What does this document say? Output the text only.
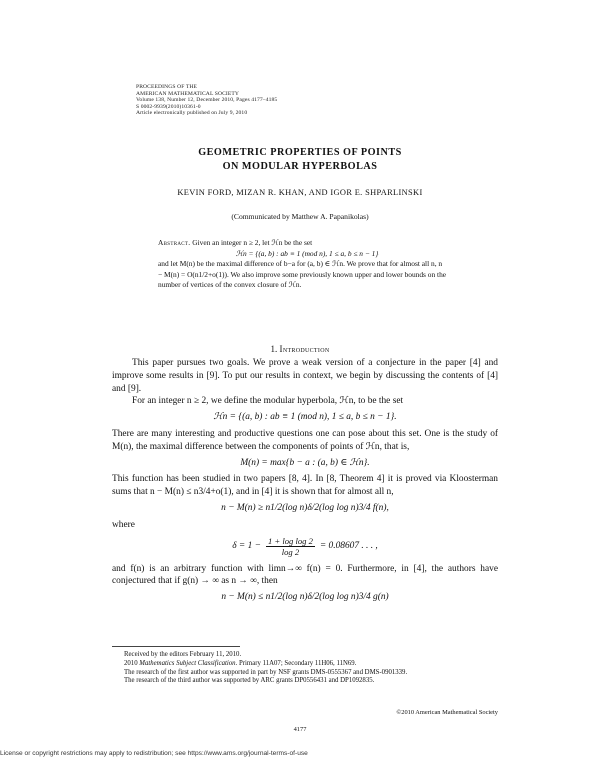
PROCEEDINGS OF THE
AMERICAN MATHEMATICAL SOCIETY
Volume 138, Number 12, December 2010, Pages 4177–4185
S 0002-9939(2010)10361-0
Article electronically published on July 9, 2010
GEOMETRIC PROPERTIES OF POINTS
ON MODULAR HYPERBOLAS
KEVIN FORD, MIZAN R. KHAN, AND IGOR E. SHPARLINSKI
(Communicated by Matthew A. Papanikolas)
Abstract. Given an integer n ≥ 2, let ℋn be the set
ℋn = {(a, b) : ab ≡ 1 (mod n), 1 ≤ a, b ≤ n − 1}
and let M(n) be the maximal difference of b−a for (a, b) ∈ ℋn. We prove that for almost all n, n − M(n) = O(n1/2+o(1)). We also improve some previously known upper and lower bounds on the number of vertices of the convex closure of ℋn.
1. Introduction

This paper pursues two goals. We prove a weak version of a conjecture in the paper [4] and improve some results in [9]. To put our results in context, we begin by discussing the contents of [4] and [9].

For an integer n ≥ 2, we define the modular hyperbola, ℋn, to be the set

ℋn = {(a, b) : ab ≡ 1 (mod n), 1 ≤ a, b ≤ n − 1}.

There are many interesting and productive questions one can pose about this set. One is the study of M(n), the maximal difference between the components of points of ℋn, that is,

M(n) = max{b − a : (a, b) ∈ ℋn}.

This function has been studied in two papers [8, 4]. In [8, Theorem 4] it is proved via Kloosterman sums that n − M(n) ≤ n3/4+o(1), and in [4] it is shown that for almost all n,

n − M(n) ≥ n1/2(log n)δ/2(log log n)3/4 f(n),

where

$\delta = 1 - \frac{\text{1 + log log 2}}{\log 2} = 0.08607$ . . . ,

and f(n) is an arbitrary function with limn→∞ f(n) = 0. Furthermore, in [4], the authors have conjectured that if g(n) → ∞ as n → ∞, then

n − M(n) ≤ n1/2(log n)δ/2(log log n)3/4 g(n)
Received by the editors February 11, 2010.
2010 Mathematics Subject Classification. Primary 11A07; Secondary 11H06, 11N69.
The research of the first author was supported in part by NSF grants DMS-0555367 and DMS-0901339.
The research of the third author was supported by ARC grants DP0556431 and DP1092835.
©2010 American Mathematical Society
4177
License or copyright restrictions may apply to redistribution; see https://www.ams.org/journal-terms-of-use
